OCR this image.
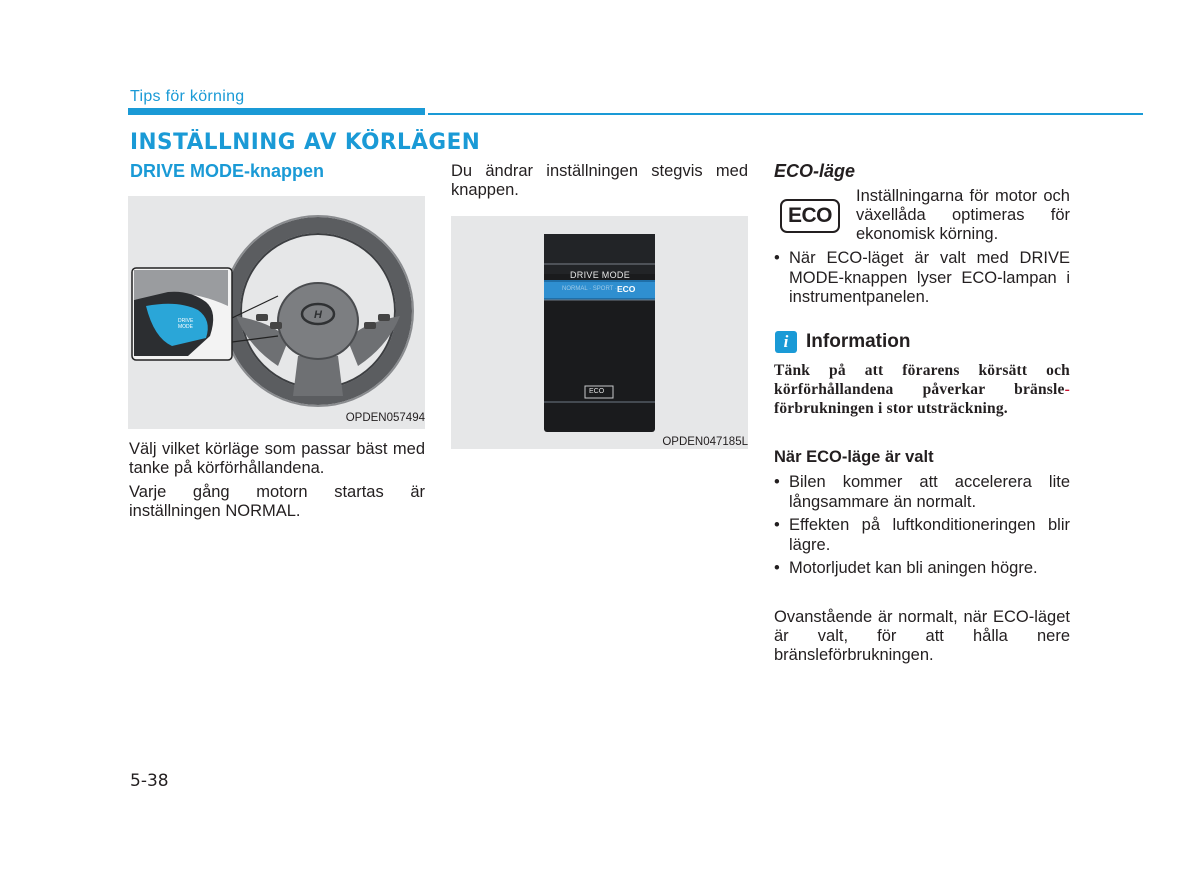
Tips för körning
INSTÄLLNING AV KÖRLÄGEN
DRIVE MODE-knappen
H
DRIVE
MODE
OPDEN057494
Välj vilket körläge som passar bäst med tanke på körförhållandena.
Varje gång motorn startas är inställningen NORMAL.
Du ändrar inställningen stegvis med knappen.
DRIVE MODE
NORMAL · SPORT · ECO
ECO
OPDEN047185L
ECO-läge
ECO
Inställningarna för motor och växellåda optimeras för ekonomisk körning.
• När ECO-läget är valt med DRIVE MODE-knappen lyser ECO-lampan i instrumentpanelen.
i Information
Tänk på att förarens körsätt och körförhållandena påverkar bränsle- förbrukningen i stor utsträckning.
När ECO-läge är valt
• Bilen kommer att accelerera lite långsammare än normalt.
• Effekten på luftkonditioneringen blir lägre.
• Motorljudet kan bli aningen högre.
Ovanstående är normalt, när ECO-läget är valt, för att hålla nere bränsleförbrukningen.
5-38
